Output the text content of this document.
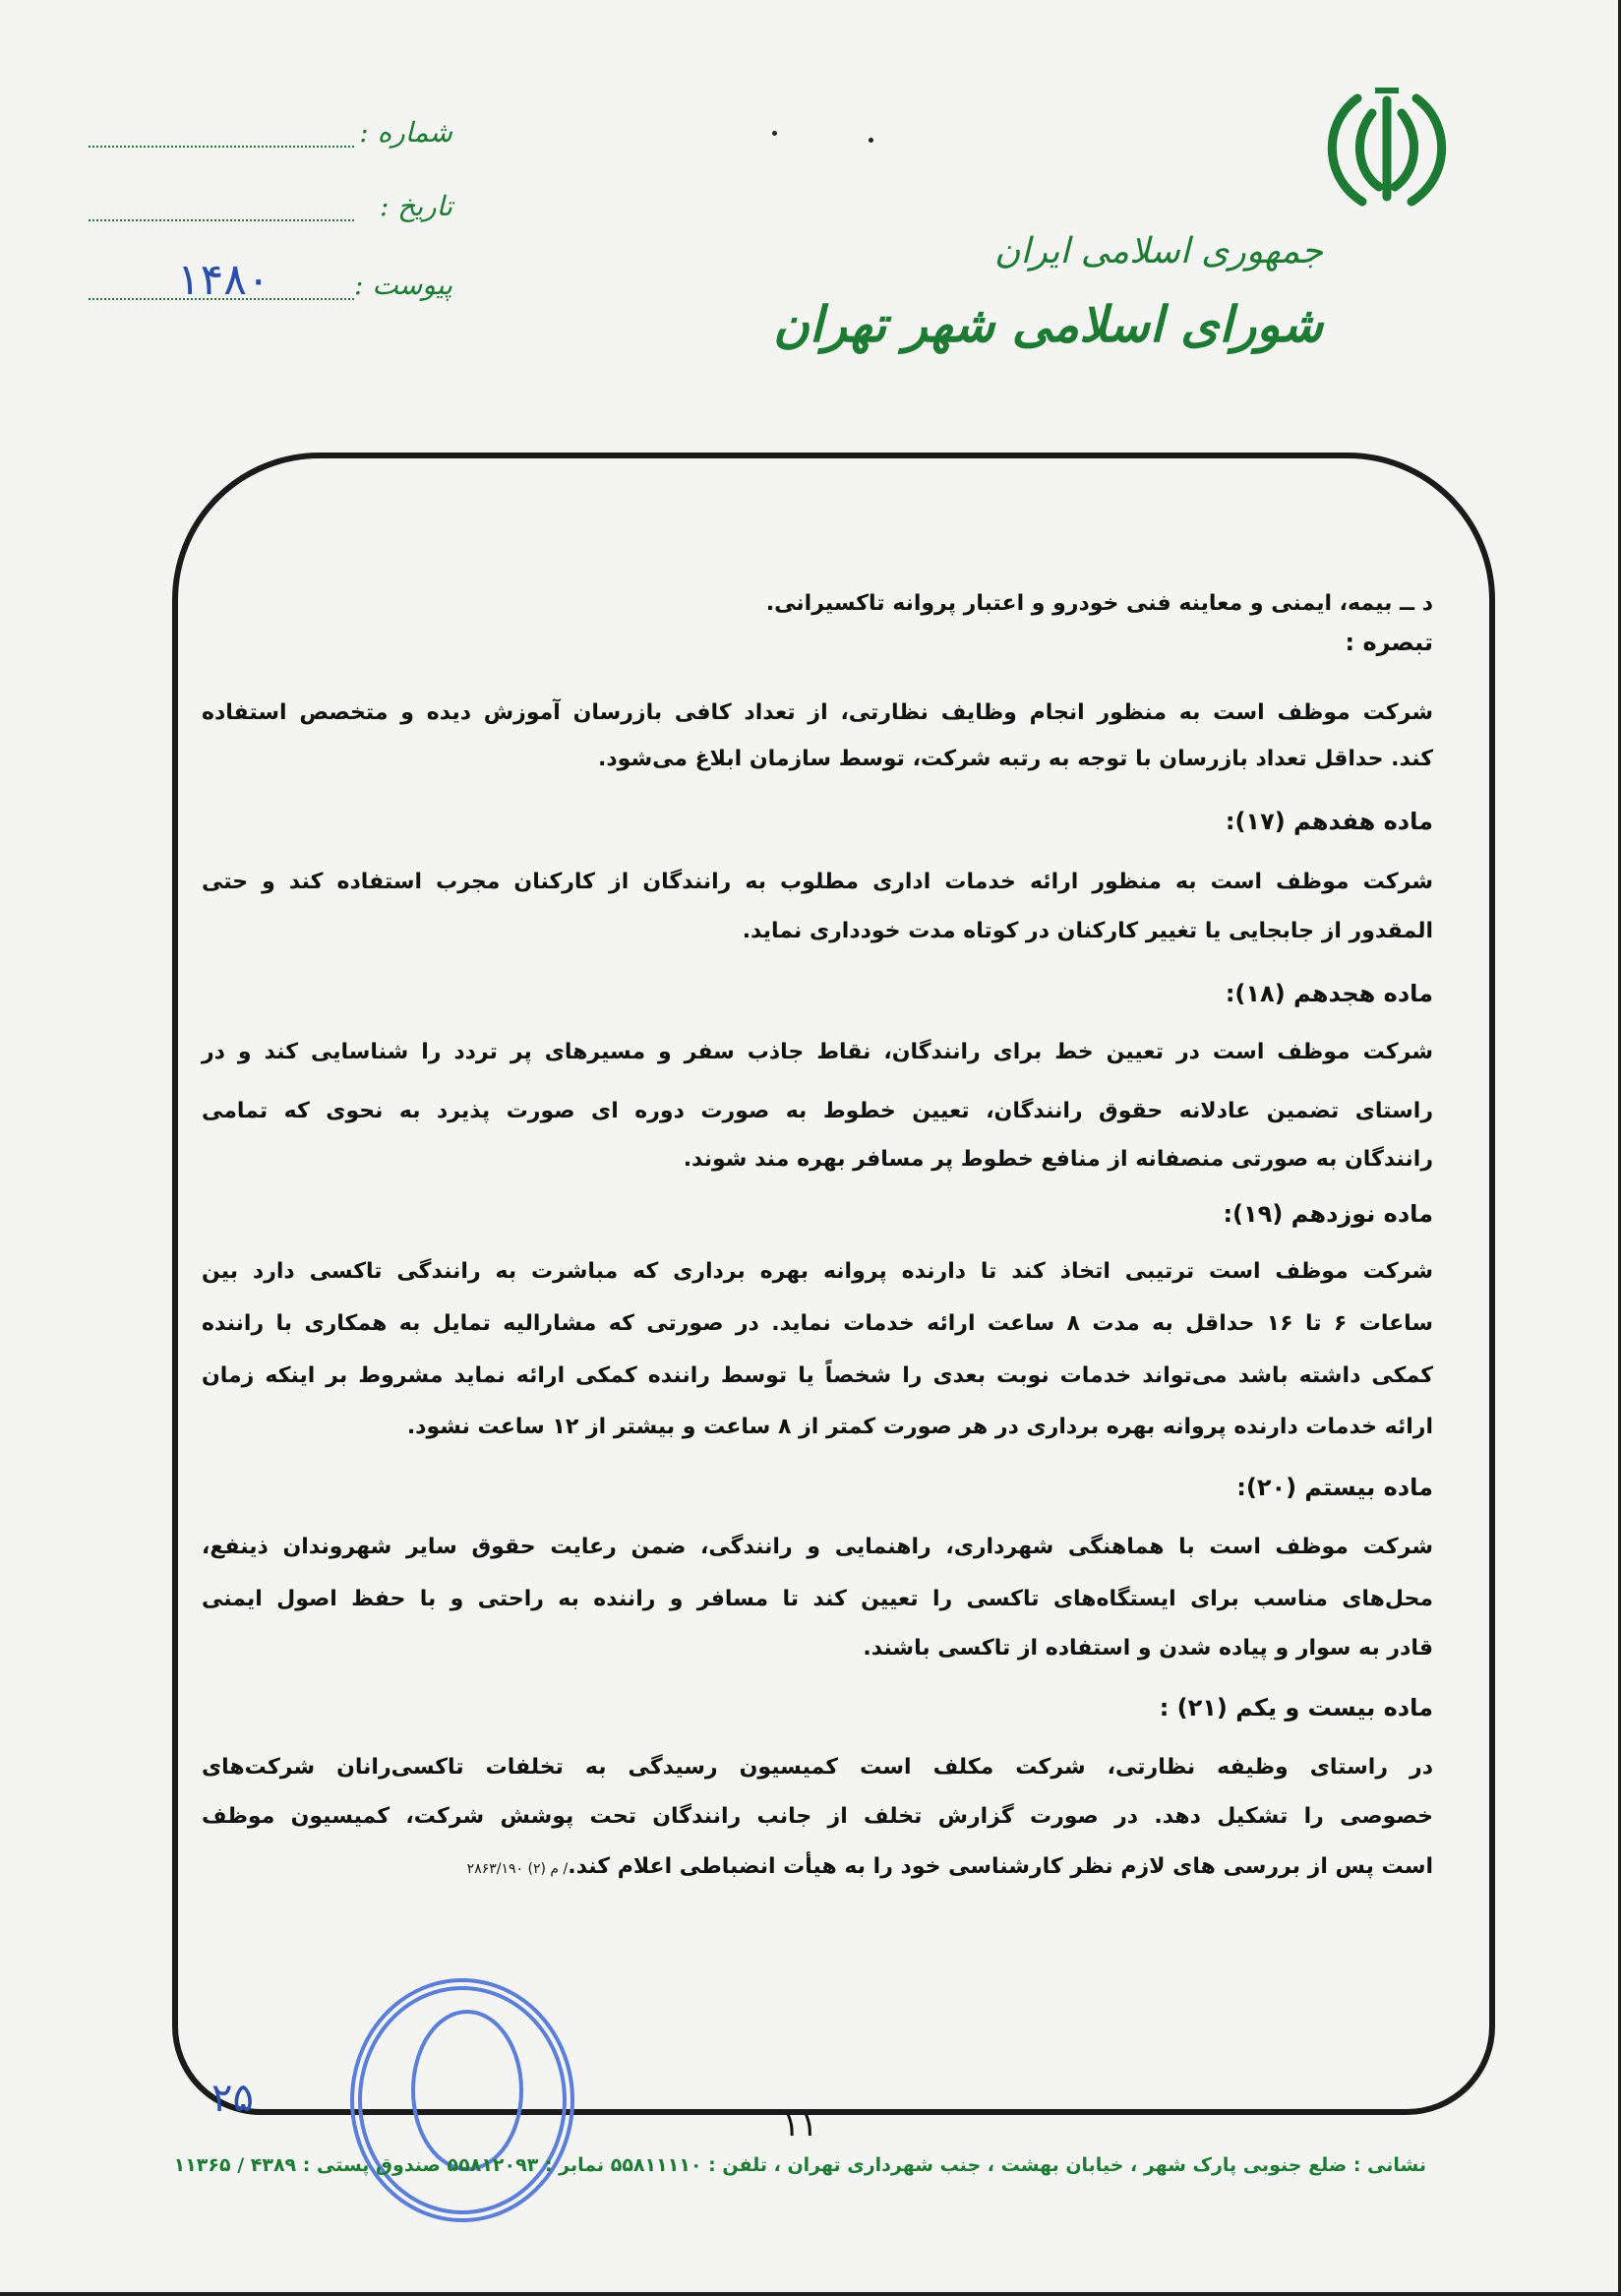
جمهوری اسلامی ایران
شورای اسلامی شهر تهران
شماره :
تاریخ :
پیوست :
۱۴۸۰
د ــ بیمه، ایمنی و معاینه فنی خودرو و اعتبار پروانه تاکسیرانی.
تبصره :
شرکت موظف است به منظور انجام وظایف نظارتی، از تعداد کافی بازرسان آموزش دیده و متخصص استفاده
کند. حداقل تعداد بازرسان با توجه به رتبه شرکت، توسط سازمان ابلاغ می‌شود.
ماده هفدهم (۱۷):
شرکت موظف است به منظور ارائه خدمات اداری مطلوب به رانندگان از کارکنان مجرب استفاده کند و حتی
المقدور از جابجایی یا تغییر کارکنان در کوتاه مدت خودداری نماید.
ماده هجدهم (۱۸):
شرکت موظف است در تعیین خط برای رانندگان، نقاط جاذب سفر و مسیرهای پر تردد را شناسایی کند و در
راستای تضمین عادلانه حقوق رانندگان، تعیین خطوط به صورت دوره ای صورت پذیرد به نحوی که تمامی
رانندگان به صورتی منصفانه از منافع خطوط پر مسافر بهره مند شوند.
ماده نوزدهم (۱۹):
شرکت موظف است ترتیبی اتخاذ کند تا دارنده پروانه بهره برداری که مباشرت به رانندگی تاکسی دارد بین
ساعات ۶ تا ۱۶ حداقل به مدت ۸ ساعت ارائه خدمات نماید. در صورتی که مشارالیه تمایل به همکاری با راننده
کمکی داشته باشد می‌تواند خدمات نوبت بعدی را شخصاً یا توسط راننده کمکی ارائه نماید مشروط بر اینکه زمان
ارائه خدمات دارنده پروانه بهره برداری در هر صورت کمتر از ۸ ساعت و بیشتر از ۱۲ ساعت نشود.
ماده بیستم (۲۰):
شرکت موظف است با هماهنگی شهرداری، راهنمایی و رانندگی، ضمن رعایت حقوق سایر شهروندان ذینفع،
محل‌های مناسب برای ایستگاه‌های تاکسی را تعیین کند تا مسافر و راننده به راحتی و با حفظ اصول ایمنی
قادر به سوار و پیاده شدن و استفاده از تاکسی باشند.
ماده بیست و یکم (۲۱) :
در راستای وظیفه نظارتی، شرکت مکلف است کمیسیون رسیدگی به تخلفات تاکسی‌رانان شرکت‌های
خصوصی را تشکیل دهد. در صورت گزارش تخلف از جانب رانندگان تحت پوشش شرکت، کمیسیون موظف
است پس از بررسی های لازم نظر کارشناسی خود را به هیأت انضباطی اعلام کند./ م (۲) ۲۸۶۳/۱۹۰
۲۵
۱۱
نشانی : ضلع جنوبی پارک شهر ، خیابان بهشت ، جنب شهرداری تهران ، تلفن : ۵۵۸۱۱۱۱۰ نمابر : ۵۵۸۱۲۰۹۳ صندوق پستی : ۴۳۸۹ / ۱۱۳۶۵
